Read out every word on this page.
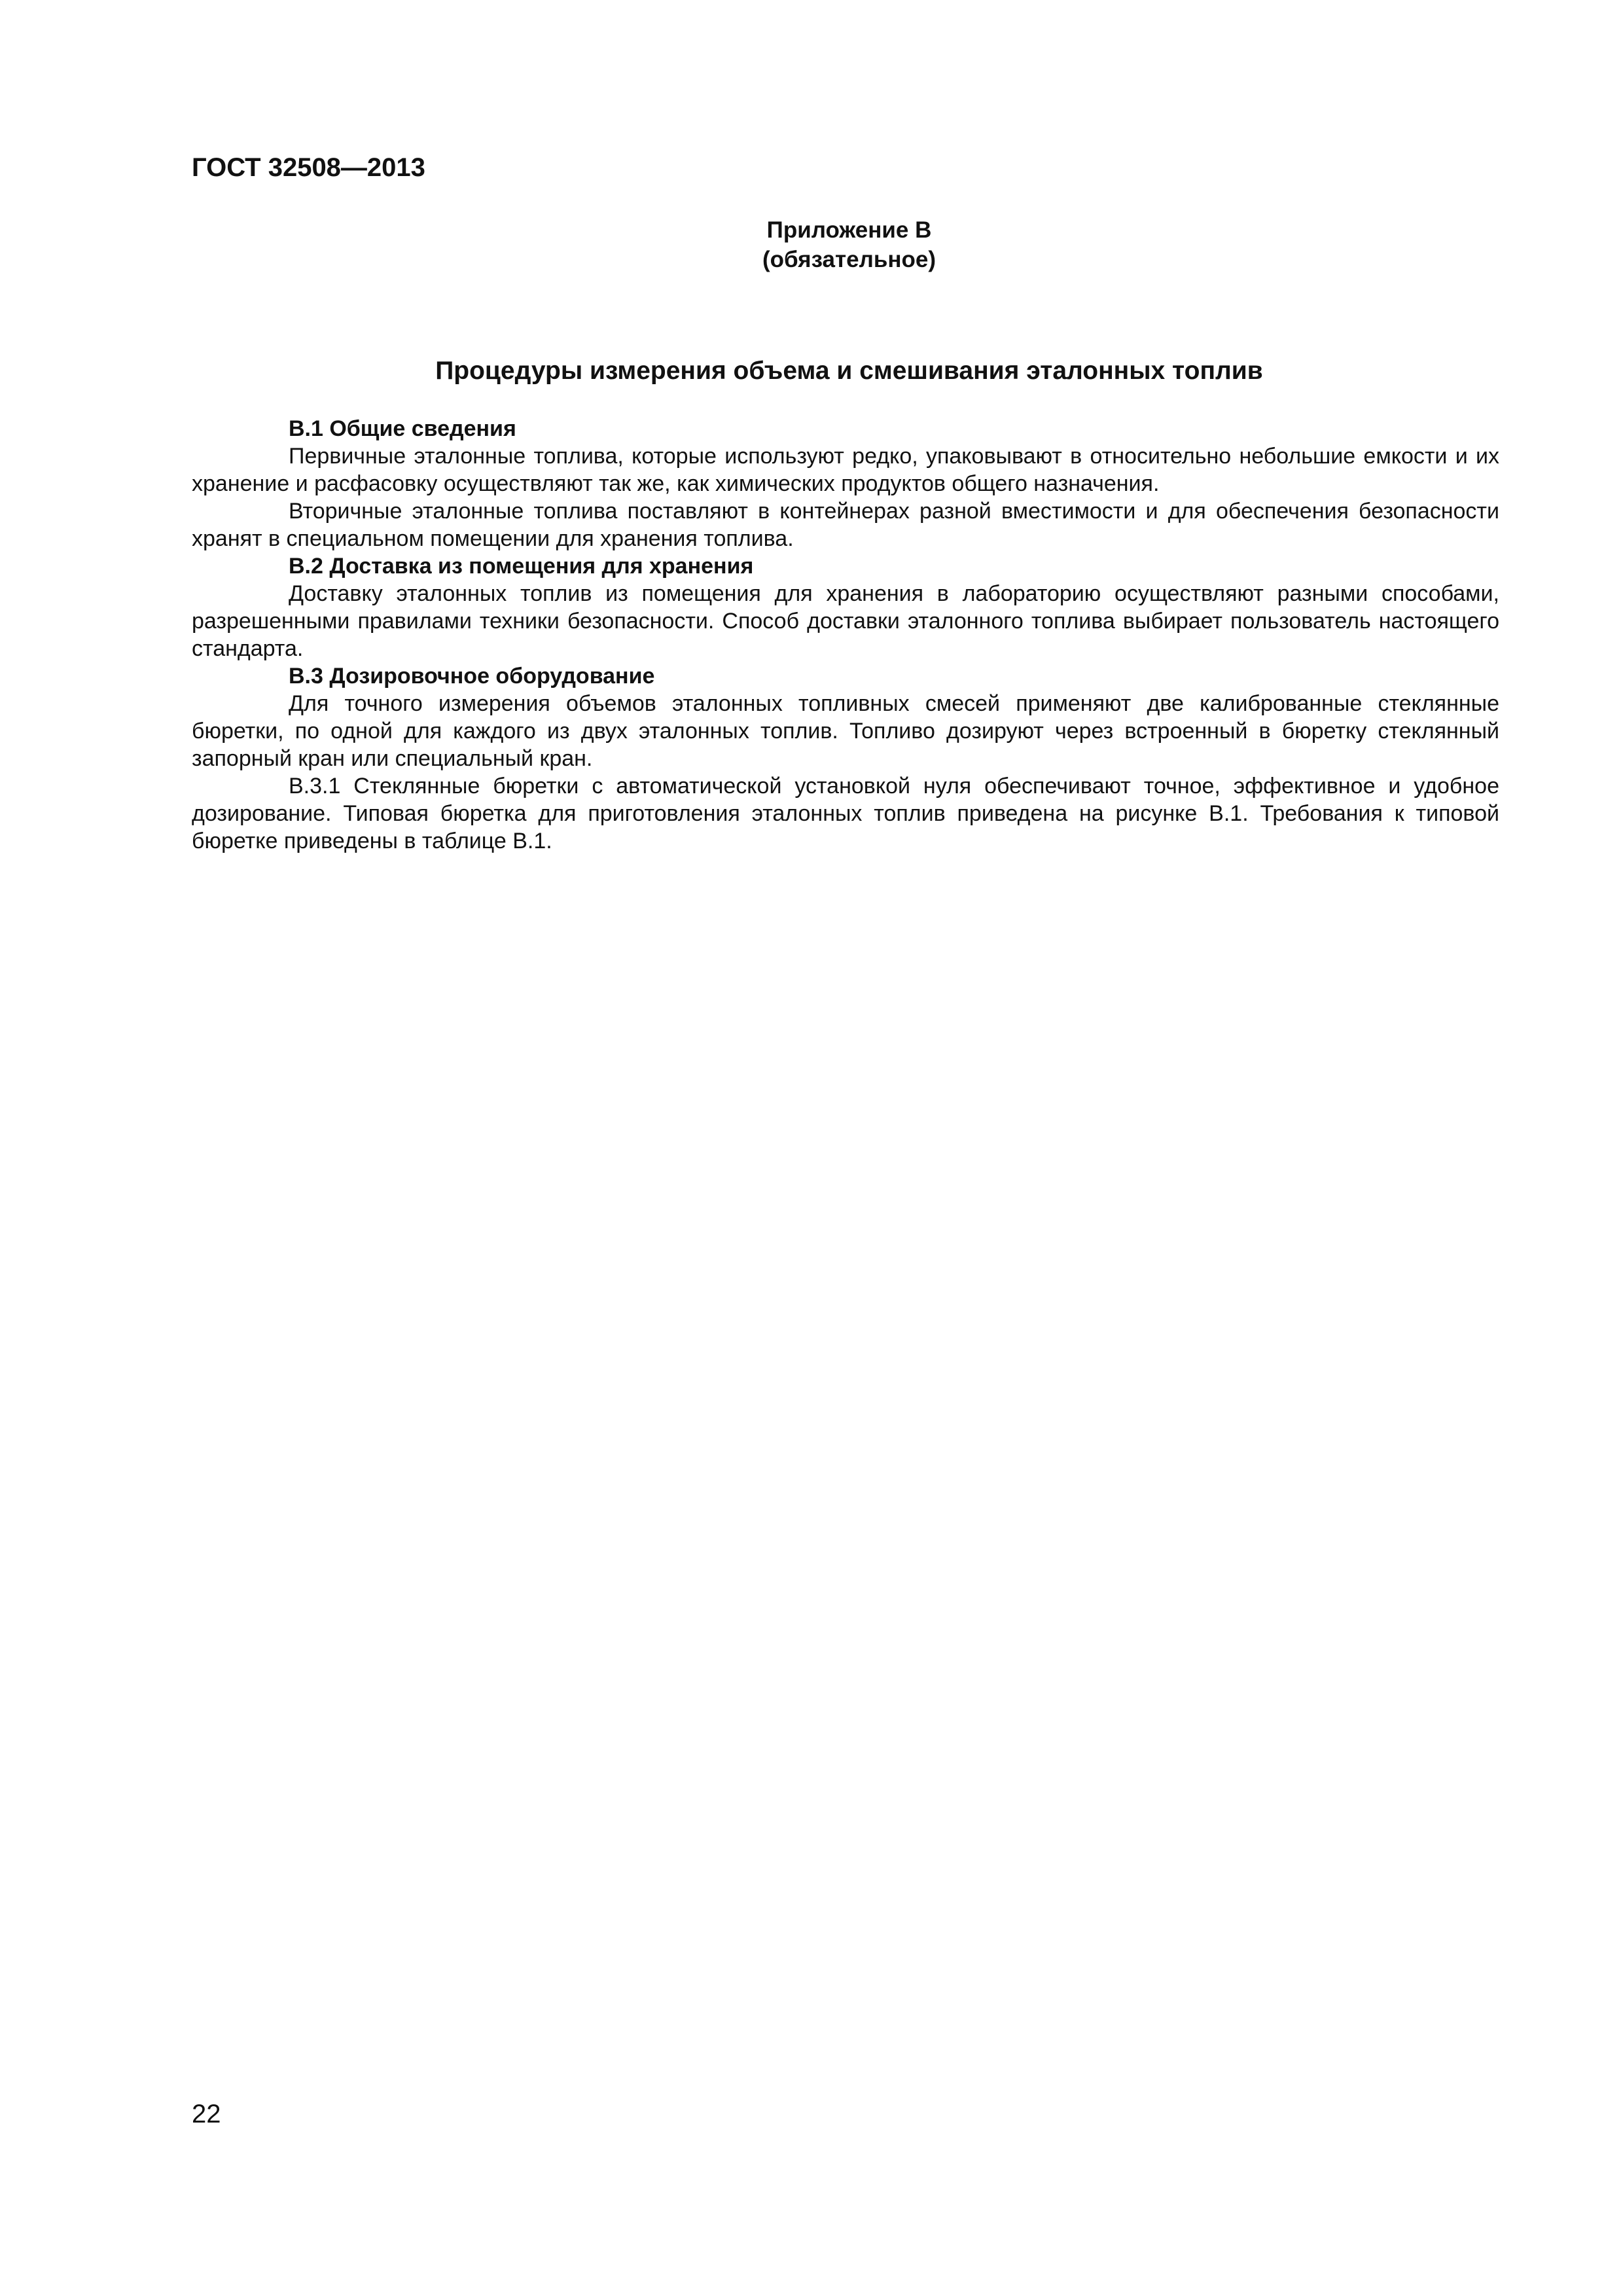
ГОСТ 32508—2013
Приложение В
(обязательное)
Процедуры измерения объема и смешивания эталонных топлив

В.1 Общие сведения

Первичные эталонные топлива, которые используют редко, упаковывают в относительно небольшие емкости и их хранение и расфасовку осуществляют так же, как химических продуктов общего назначения.

Вторичные эталонные топлива поставляют в контейнерах разной вместимости и для обеспечения безопасности хранят в специальном помещении для хранения топлива.

В.2 Доставка из помещения для хранения

Доставку эталонных топлив из помещения для хранения в лабораторию осуществляют разными способами, разрешенными правилами техники безопасности. Способ доставки эталонного топлива выбирает пользователь настоящего стандарта.

В.3 Дозировочное оборудование

Для точного измерения объемов эталонных топливных смесей применяют две калиброванные стеклянные бюретки, по одной для каждого из двух эталонных топлив. Топливо дозируют через встроенный в бюретку стеклянный запорный кран или специальный кран.

В.3.1 Стеклянные бюретки с автоматической установкой нуля обеспечивают точное, эффективное и удобное дозирование. Типовая бюретка для приготовления эталонных топлив приведена на рисунке В.1. Требования к типовой бюретке приведены в таблице В.1.

22
